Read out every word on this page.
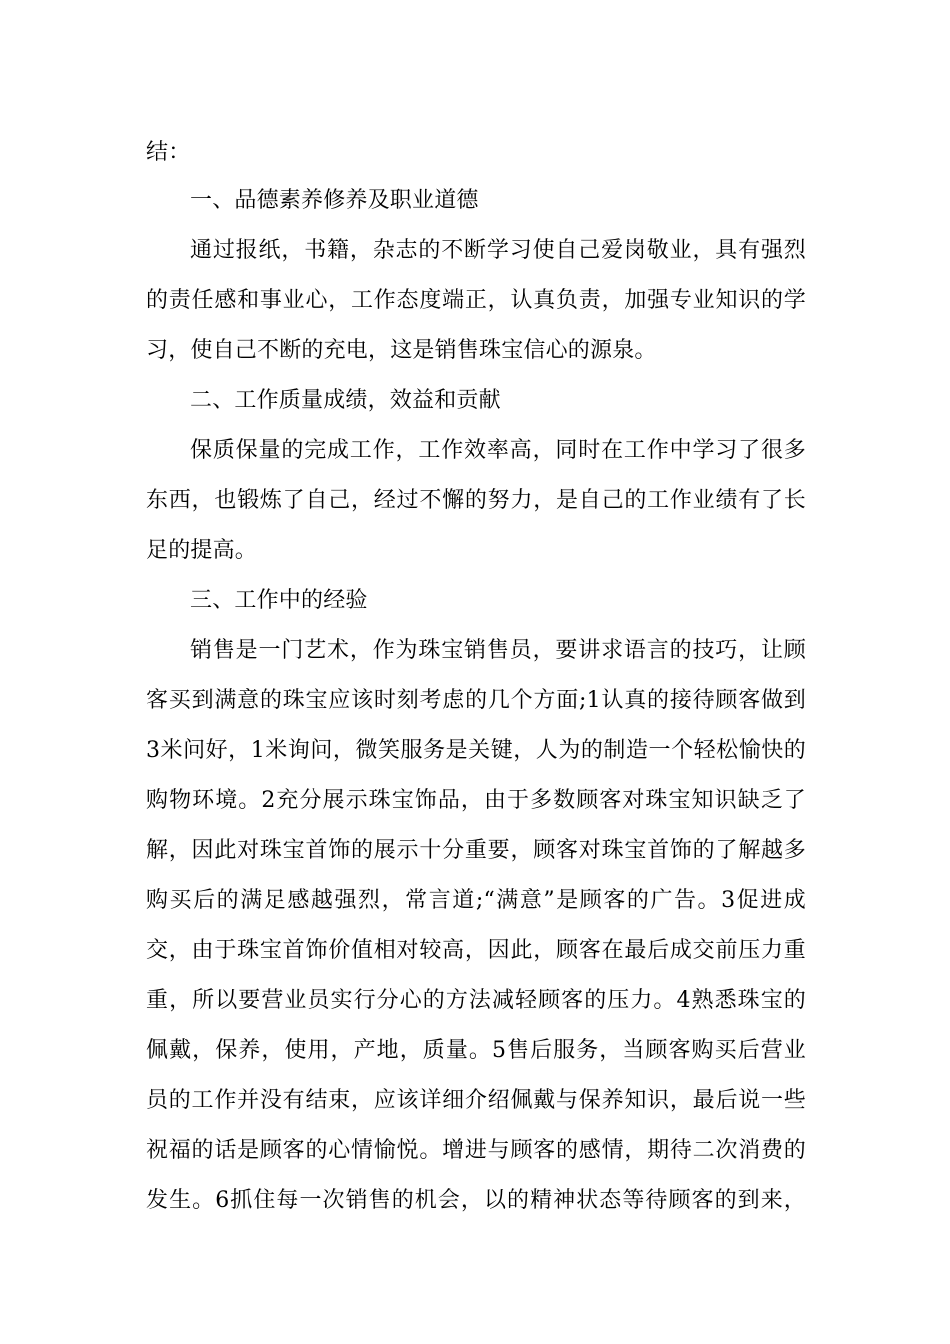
结：
一、品德素养修养及职业道德
通过报纸，书籍，杂志的不断学习使自己爱岗敬业，具有强烈
的责任感和事业心，工作态度端正，认真负责，加强专业知识的学
习，使自己不断的充电，这是销售珠宝信心的源泉。
二、工作质量成绩，效益和贡献
保质保量的完成工作，工作效率高，同时在工作中学习了很多
东西，也锻炼了自己，经过不懈的努力，是自己的工作业绩有了长
足的提高。
三、工作中的经验
销售是一门艺术，作为珠宝销售员，要讲求语言的技巧，让顾
客买到满意的珠宝应该时刻考虑的几个方面;1认真的接待顾客做到
3米问好，1米询问，微笑服务是关键，人为的制造一个轻松愉快的
购物环境。2充分展示珠宝饰品，由于多数顾客对珠宝知识缺乏了
解，因此对珠宝首饰的展示十分重要，顾客对珠宝首饰的了解越多
购买后的满足感越强烈，常言道;“满意”是顾客的广告。3促进成
交，由于珠宝首饰价值相对较高，因此，顾客在最后成交前压力重
重，所以要营业员实行分心的方法减轻顾客的压力。4熟悉珠宝的
佩戴，保养，使用，产地，质量。5售后服务，当顾客购买后营业
员的工作并没有结束，应该详细介绍佩戴与保养知识，最后说一些
祝福的话是顾客的心情愉悦。增进与顾客的感情，期待二次消费的
发生。6抓住每一次销售的机会，以的精神状态等待顾客的到来，
